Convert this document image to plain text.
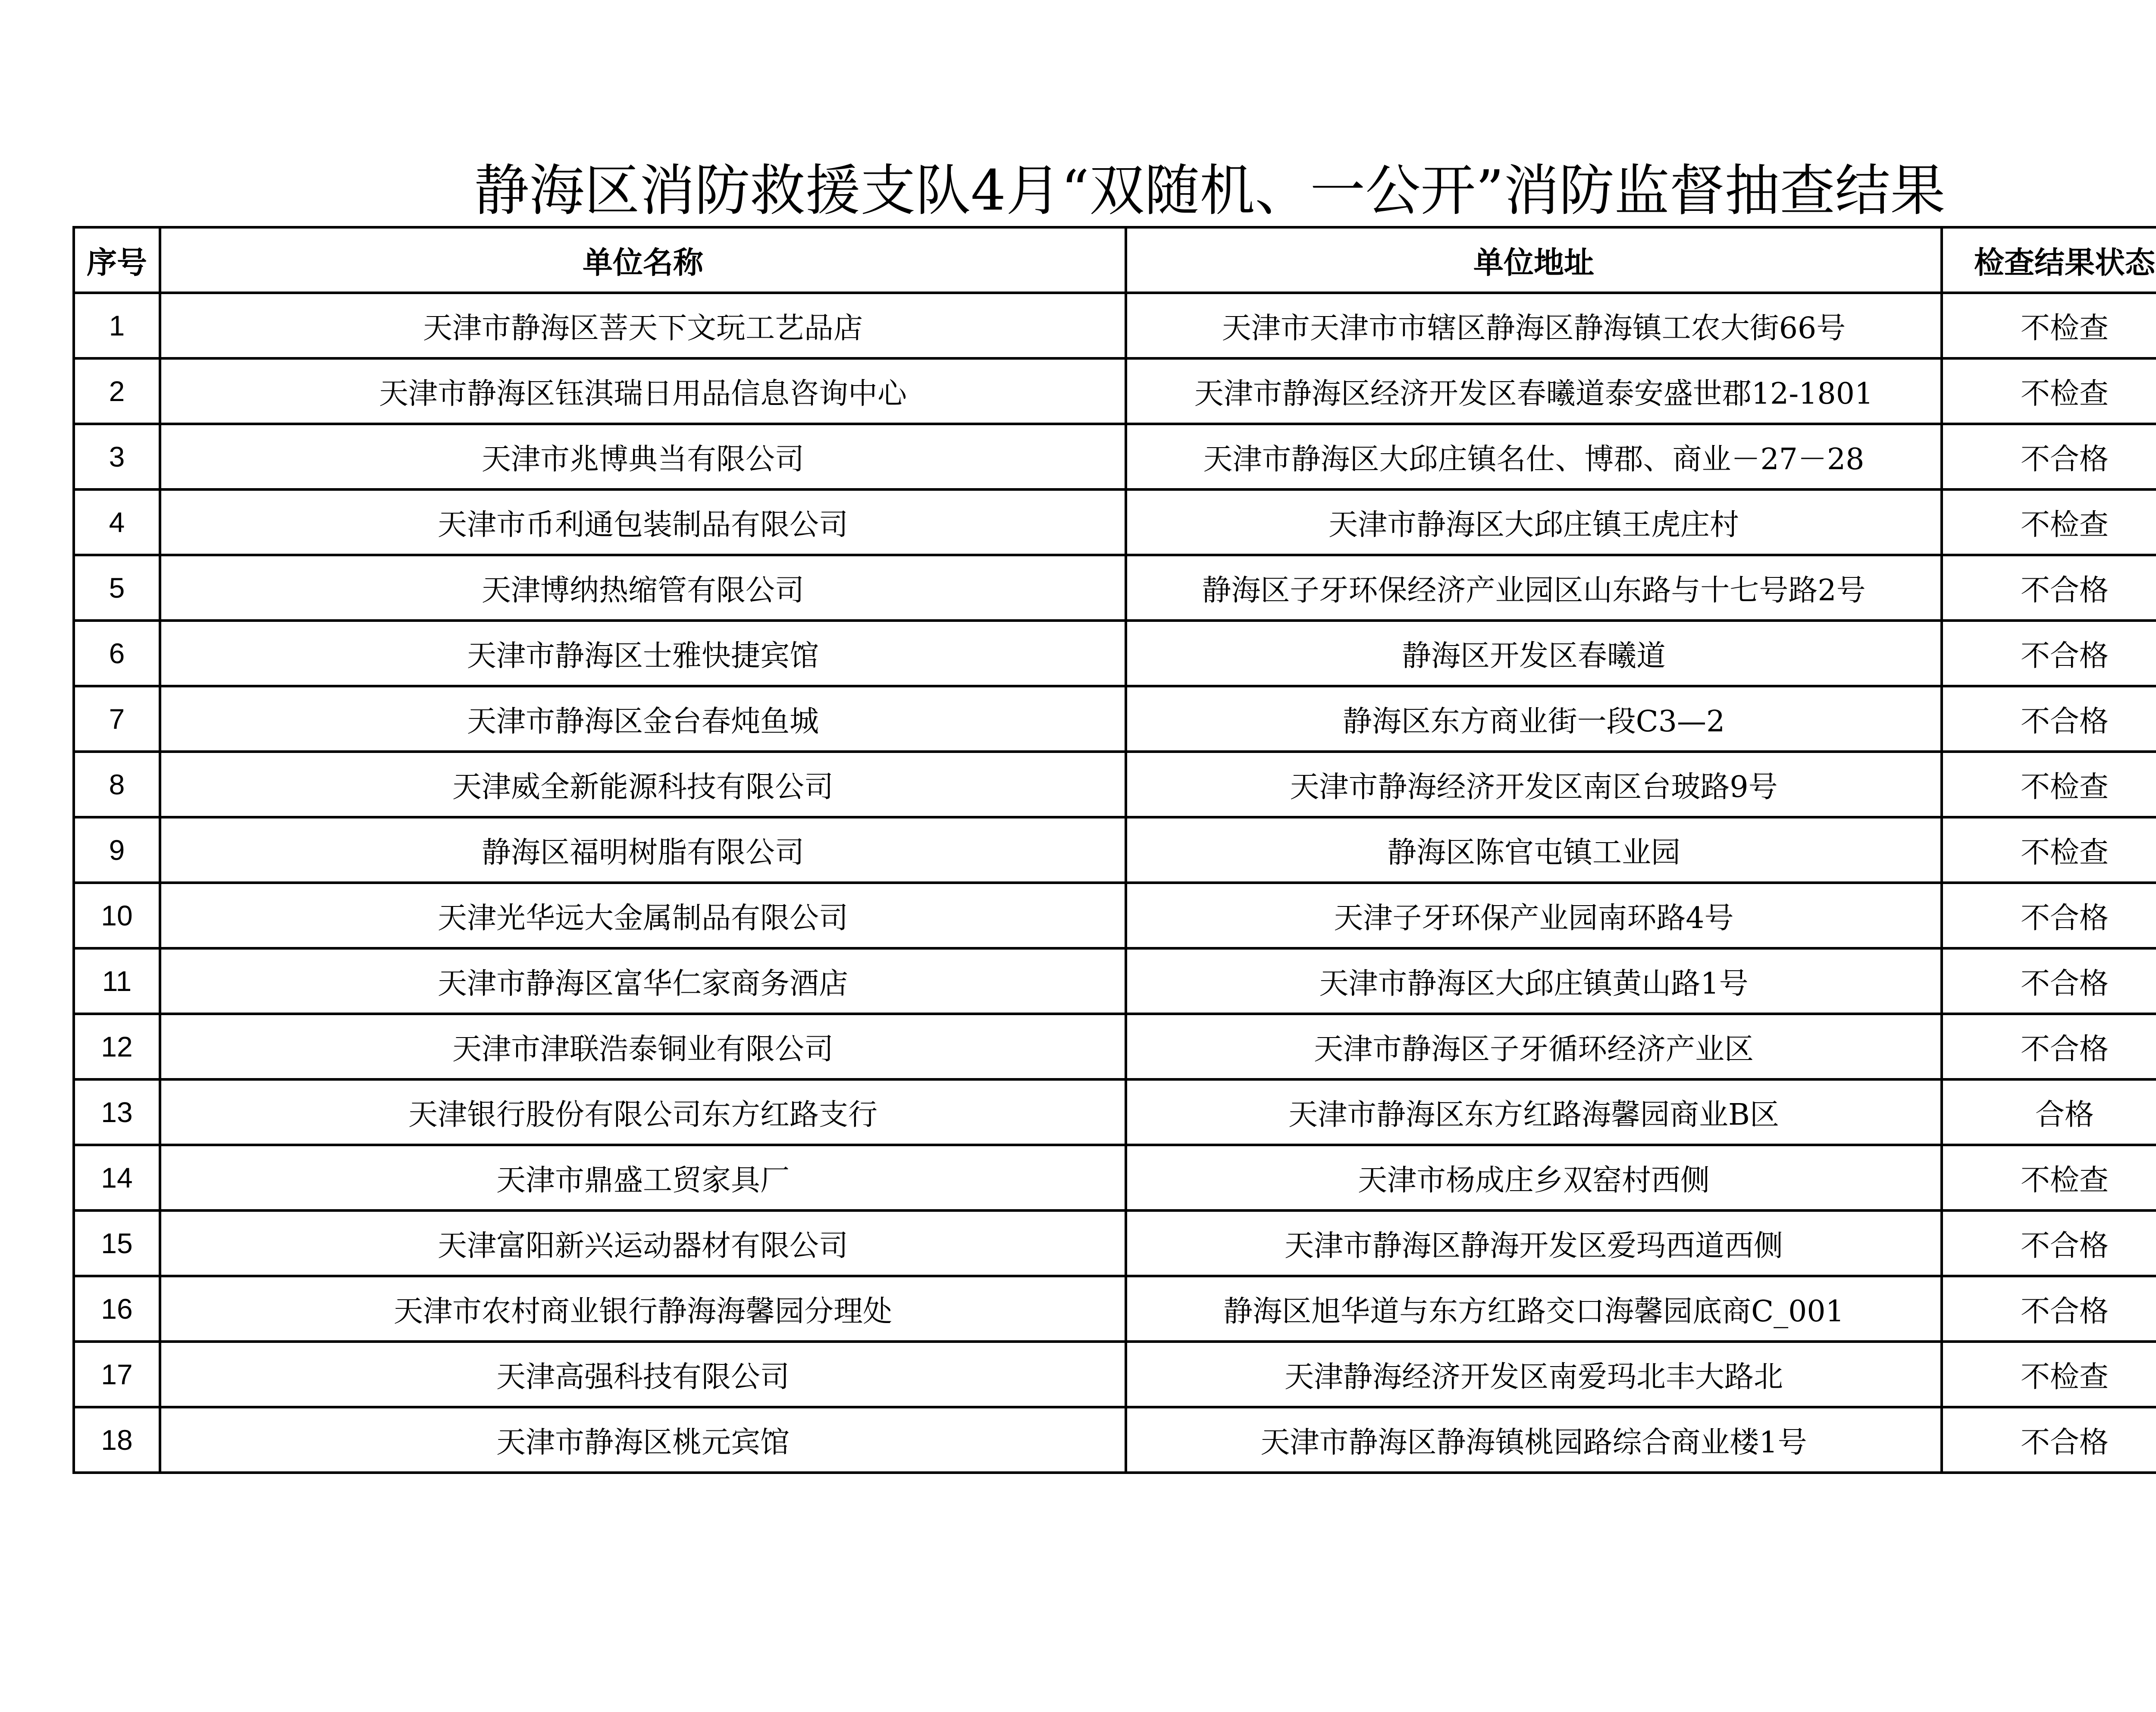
静海区消防救援支队4月“双随机、一公开”消防监督抽查结果
序号	单位名称	单位地址	检查结果状态	
1	天津市静海区菩天下文玩工艺品店	天津市天津市市辖区静海区静海镇工农大街66号	不检查	
2	天津市静海区钰淇瑞日用品信息咨询中心	天津市静海区经济开发区春曦道泰安盛世郡12-1801	不检查	
3	天津市兆博典当有限公司	天津市静海区大邱庄镇名仕、博郡、商业－27－28	不合格	
4	天津市币利通包装制品有限公司	天津市静海区大邱庄镇王虎庄村	不检查	
5	天津博纳热缩管有限公司	静海区子牙环保经济产业园区山东路与十七号路2号	不合格	
6	天津市静海区士雅快捷宾馆	静海区开发区春曦道	不合格	
7	天津市静海区金台春炖鱼城	静海区东方商业街一段C3—2	不合格	
8	天津威全新能源科技有限公司	天津市静海经济开发区南区台玻路9号	不检查	
9	静海区福明树脂有限公司	静海区陈官屯镇工业园	不检查	
10	天津光华远大金属制品有限公司	天津子牙环保产业园南环路4号	不合格	
11	天津市静海区富华仁家商务酒店	天津市静海区大邱庄镇黄山路1号	不合格	
12	天津市津联浩泰铜业有限公司	天津市静海区子牙循环经济产业区	不合格	
13	天津银行股份有限公司东方红路支行	天津市静海区东方红路海馨园商业B区	合格	
14	天津市鼎盛工贸家具厂	天津市杨成庄乡双窑村西侧	不检查	
15	天津富阳新兴运动器材有限公司	天津市静海区静海开发区爱玛西道西侧	不合格	
16	天津市农村商业银行静海海馨园分理处	静海区旭华道与东方红路交口海馨园底商C_001	不合格	
17	天津高强科技有限公司	天津静海经济开发区南爱玛北丰大路北	不检查	
18	天津市静海区桃元宾馆	天津市静海区静海镇桃园路综合商业楼1号	不合格	
